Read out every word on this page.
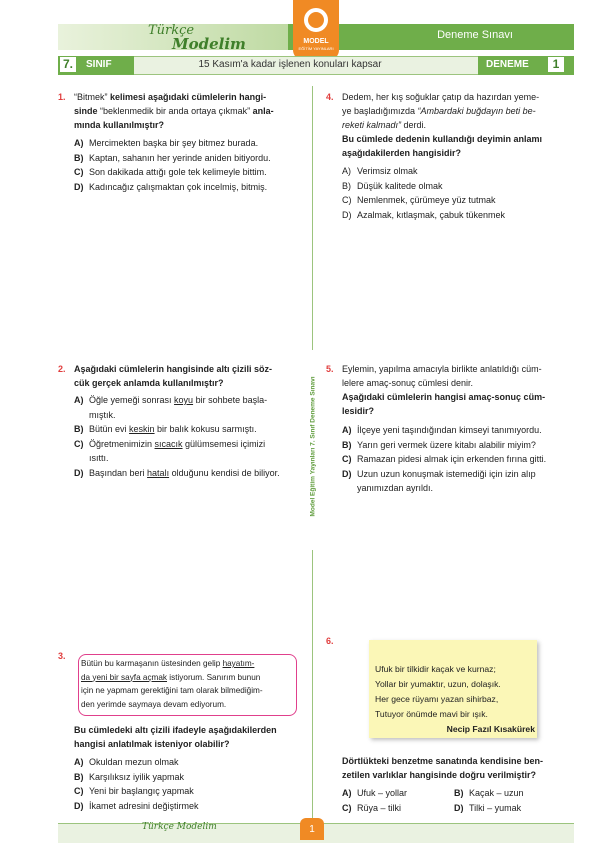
Türkçe
Modelim	MODEL
EĞİTİM YAYINLARI
Deneme Sınavı
7.	SINIF	15 Kasım'a kadar işlenen konuları kapsar	DENEME	1
Model Eğitim Yayınları 7. Sınıf Deneme Sınavı
1. “Bitmek” kelimesi aşağıdaki cümlelerin hangi-
sinde “beklenmedik bir anda ortaya çıkmak” anla-
mında kullanılmıştır?
A) Mercimekten başka bir şey bitmez burada.
B) Kaptan, sahanın her yerinde aniden bitiyordu.
C) Son dakikada attığı gole tek kelimeyle bittim.
D) Kadıncağız çalışmaktan çok incelmiş, bitmiş.
2. Aşağıdaki cümlelerin hangisinde altı çizili söz-
cük gerçek anlamda kullanılmıştır?
A) Öğle yemeği sonrası koyu bir sohbete başla-
mıştık.
B) Bütün evi keskin bir balık kokusu sarmıştı.
C) Öğretmenimizin sıcacık gülümsemesi içimizi
ısıttı.
D) Başından beri hatalı olduğunu kendisi de biliyor.
3.
Bütün bu karmaşanın üstesinden gelip hayatım-
da yeni bir sayfa açmak istiyorum. Sanırım bunun
için ne yapmam gerektiğini tam olarak bilmediğim-
den yerimde saymaya devam ediyorum.
Bu cümledeki altı çizili ifadeyle aşağıdakilerden
hangisi anlatılmak isteniyor olabilir?
A) Okuldan mezun olmak
B) Karşılıksız iyilik yapmak
C) Yeni bir başlangıç yapmak
D) İkamet adresini değiştirmek
4. Dedem, her kış soğuklar çatıp da hazırdan yeme-
ye başladığımızda “Ambardaki buğdayın beti be-
reketi kalmadı” derdi.
Bu cümlede dedenin kullandığı deyimin anlamı
aşağıdakilerden hangisidir?
A) Verimsiz olmak
B) Düşük kalitede olmak
C) Nemlenmek, çürümeye yüz tutmak
D) Azalmak, kıtlaşmak, çabuk tükenmek
5. Eylemin, yapılma amacıyla birlikte anlatıldığı cüm-
lelere amaç-sonuç cümlesi denir.
Aşağıdaki cümlelerin hangisi amaç-sonuç cüm-
lesidir?
A) İlçeye yeni taşındığından kimseyi tanımıyordu.
B) Yarın geri vermek üzere kitabı alabilir miyim?
C) Ramazan pidesi almak için erkenden fırına gitti.
D) Uzun uzun konuşmak istemediği için izin alıp
yanımızdan ayrıldı.
6.
Ufuk bir tilkidir kaçak ve kurnaz;
Yollar bir yumaktır, uzun, dolaşık.
Her gece rüyamı yazan sihirbaz,
Tutuyor önümde mavi bir ışık.
Necip Fazıl Kısakürek
Dörtlükteki benzetme sanatında kendisine ben-
zetilen varlıklar hangisinde doğru verilmiştir?
A) Ufuk – yollar	B) Kaçak – uzun
C) Rüya – tilki	D) Tilki – yumak
Türkçe Modelim	1
